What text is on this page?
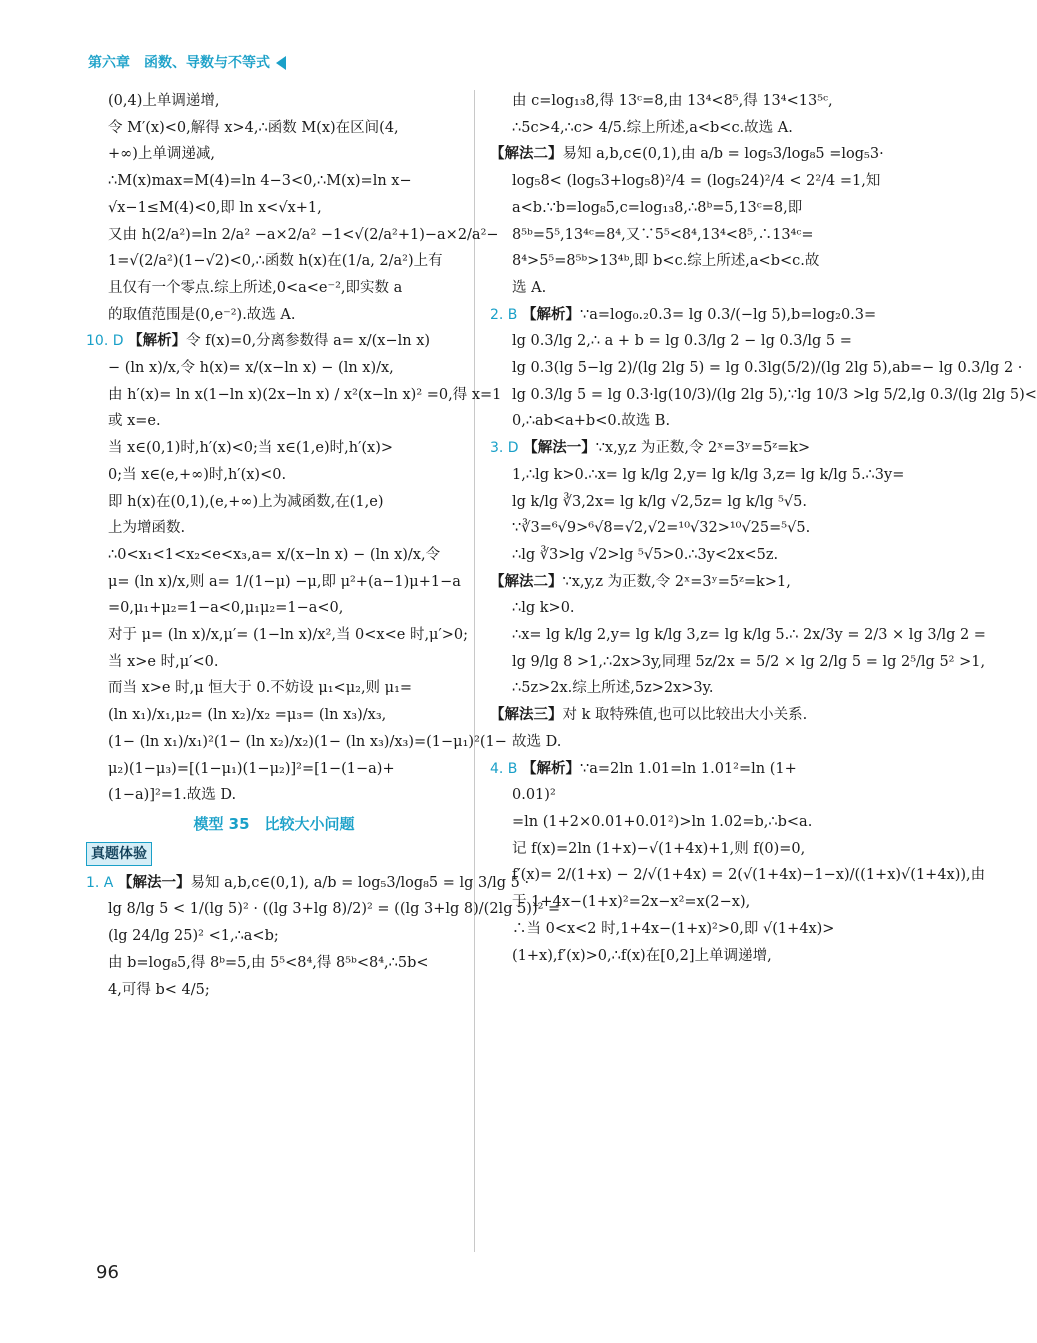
第六章　函数、导数与不等式
(0,4)上单调递增,
令 M′(x)<0,解得 x>4,∴函数 M(x)在区间(4,
+∞)上单调递减,
∴M(x)max=M(4)=ln 4−3<0,∴M(x)=ln x−
√x−1≤M(4)<0,即 ln x<√x+1,
又由 h(2/a²)=ln 2/a² −a×2/a² −1<√(2/a²+1)−a×2/a²−
1=√(2/a²)(1−√2)<0,∴函数 h(x)在(1/a, 2/a²)上有
且仅有一个零点.综上所述,0<a<e⁻²,即实数 a
的取值范围是(0,e⁻²).故选 A.
10. D 【解析】令 f(x)=0,分离参数得 a= x/(x−ln x)
− (ln x)/x,令 h(x)= x/(x−ln x) − (ln x)/x,
由 h′(x)= ln x(1−ln x)(2x−ln x) / x²(x−ln x)² =0,得 x=1
或 x=e.
当 x∈(0,1)时,h′(x)<0;当 x∈(1,e)时,h′(x)>
0;当 x∈(e,+∞)时,h′(x)<0.
即 h(x)在(0,1),(e,+∞)上为减函数,在(1,e)
上为增函数.
∴0<x₁<1<x₂<e<x₃,a= x/(x−ln x) − (ln x)/x,令
μ= (ln x)/x,则 a= 1/(1−μ) −μ,即 μ²+(a−1)μ+1−a
=0,μ₁+μ₂=1−a<0,μ₁μ₂=1−a<0,
对于 μ= (ln x)/x,μ′= (1−ln x)/x²,当 0<x<e 时,μ′>0;
当 x>e 时,μ′<0.
而当 x>e 时,μ 恒大于 0.不妨设 μ₁<μ₂,则 μ₁=
(ln x₁)/x₁,μ₂= (ln x₂)/x₂ =μ₃= (ln x₃)/x₃,
(1− (ln x₁)/x₁)²(1− (ln x₂)/x₂)(1− (ln x₃)/x₃)=(1−μ₁)²(1−
μ₂)(1−μ₃)=[(1−μ₁)(1−μ₂)]²=[1−(1−a)+
(1−a)]²=1.故选 D.
模型 35　比较大小问题
真题体验
1. A 【解法一】易知 a,b,c∈(0,1), a/b = log₅3/log₈5 = lg 3/lg 5 ·
lg 8/lg 5 < 1/(lg 5)² · ((lg 3+lg 8)/2)² = ((lg 3+lg 8)/(2lg 5))² =
(lg 24/lg 25)² <1,∴a<b;
由 b=log₈5,得 8ᵇ=5,由 5⁵<8⁴,得 8⁵ᵇ<8⁴,∴5b<
4,可得 b< 4/5;
由 c=log₁₃8,得 13ᶜ=8,由 13⁴<8⁵,得 13⁴<13⁵ᶜ,
∴5c>4,∴c> 4/5.综上所述,a<b<c.故选 A.
【解法二】易知 a,b,c∈(0,1),由 a/b = log₅3/log₈5 =log₅3·
log₅8< (log₅3+log₅8)²/4 = (log₅24)²/4 < 2²/4 =1,知
a<b.∵b=log₈5,c=log₁₃8,∴8ᵇ=5,13ᶜ=8,即
8⁵ᵇ=5⁵,13⁴ᶜ=8⁴,又∵5⁵<8⁴,13⁴<8⁵,∴13⁴ᶜ=
8⁴>5⁵=8⁵ᵇ>13⁴ᵇ,即 b<c.综上所述,a<b<c.故
选 A.
2. B 【解析】∵a=log₀.₂0.3= lg 0.3/(−lg 5),b=log₂0.3=
lg 0.3/lg 2,∴ a + b = lg 0.3/lg 2 − lg 0.3/lg 5 =
lg 0.3(lg 5−lg 2)/(lg 2lg 5) = lg 0.3lg(5/2)/(lg 2lg 5),ab=− lg 0.3/lg 2 ·
lg 0.3/lg 5 = lg 0.3·lg(10/3)/(lg 2lg 5),∵lg 10/3 >lg 5/2,lg 0.3/(lg 2lg 5)<
0,∴ab<a+b<0.故选 B.
3. D 【解法一】∵x,y,z 为正数,令 2ˣ=3ʸ=5ᶻ=k>
1,∴lg k>0.∴x= lg k/lg 2,y= lg k/lg 3,z= lg k/lg 5.∴3y=
lg k/lg ∛3,2x= lg k/lg √2,5z= lg k/lg ⁵√5.
∵∛3=⁶√9>⁶√8=√2,√2=¹⁰√32>¹⁰√25=⁵√5.
∴lg ∛3>lg √2>lg ⁵√5>0.∴3y<2x<5z.
【解法二】∵x,y,z 为正数,令 2ˣ=3ʸ=5ᶻ=k>1,
∴lg k>0.
∴x= lg k/lg 2,y= lg k/lg 3,z= lg k/lg 5.∴ 2x/3y = 2/3 × lg 3/lg 2 =
lg 9/lg 8 >1,∴2x>3y,同理 5z/2x = 5/2 × lg 2/lg 5 = lg 2⁵/lg 5² >1,
∴5z>2x.综上所述,5z>2x>3y.
【解法三】对 k 取特殊值,也可以比较出大小关系.
故选 D.
4. B 【解析】∵a=2ln 1.01=ln 1.01²=ln (1+
0.01)²
=ln (1+2×0.01+0.01²)>ln 1.02=b,∴b<a.
记 f(x)=2ln (1+x)−√(1+4x)+1,则 f(0)=0,
f′(x)= 2/(1+x) − 2/√(1+4x) = 2(√(1+4x)−1−x)/((1+x)√(1+4x)),由
于 1+4x−(1+x)²=2x−x²=x(2−x),
∴当 0<x<2 时,1+4x−(1+x)²>0,即 √(1+4x)>
(1+x),f′(x)>0,∴f(x)在[0,2]上单调递增,
96
